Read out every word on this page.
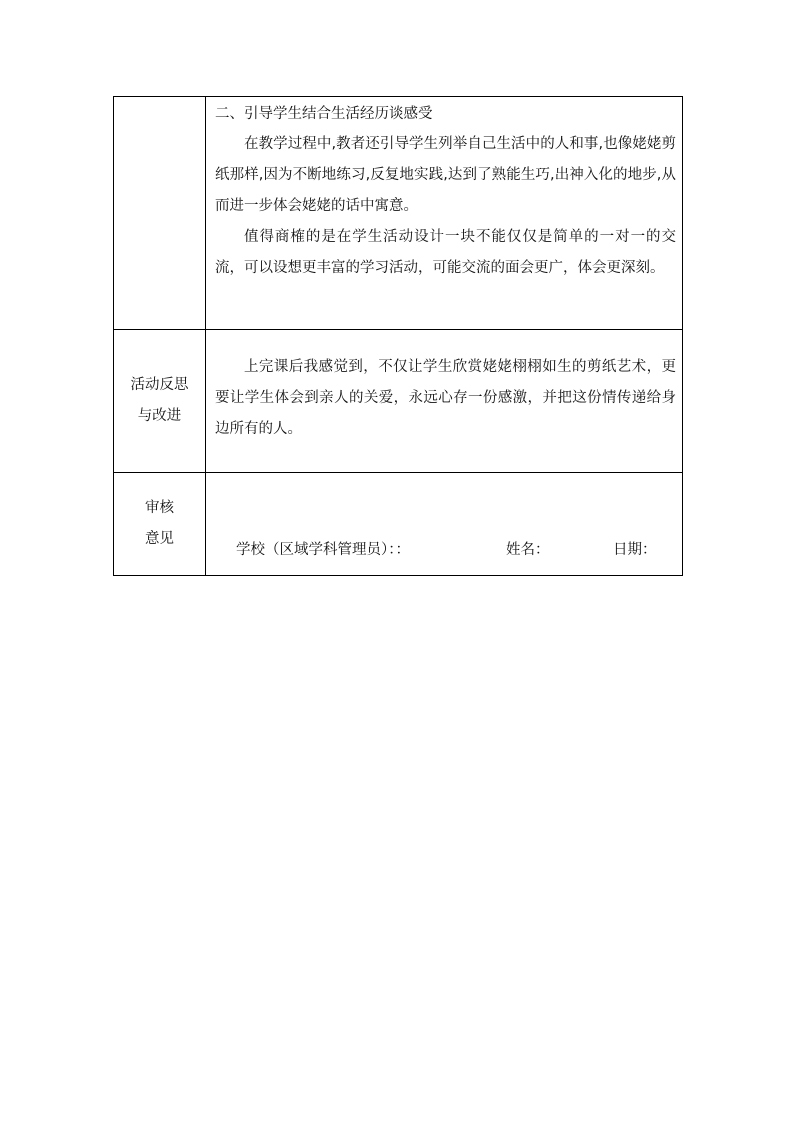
	二、引导学生结合生活经历谈感受

在教学过程中,教者还引导学生列举自己生活中的人和事,也像姥姥剪纸那样,因为不断地练习,反复地实践,达到了熟能生巧,出神入化的地步,从而进一步体会姥姥的话中寓意。

值得商榷的是在学生活动设计一块不能仅仅是简单的一对一的交流，可以设想更丰富的学习活动，可能交流的面会更广，体会更深刻。

活动反思
与改进	上完课后我感觉到，不仅让学生欣赏姥姥栩栩如生的剪纸艺术，更要让学生体会到亲人的关爱，永远心存一份感激，并把这份情传递给身边所有的人。

审核
意见	学校（区域学科管理员）：： 姓名： 日期：
